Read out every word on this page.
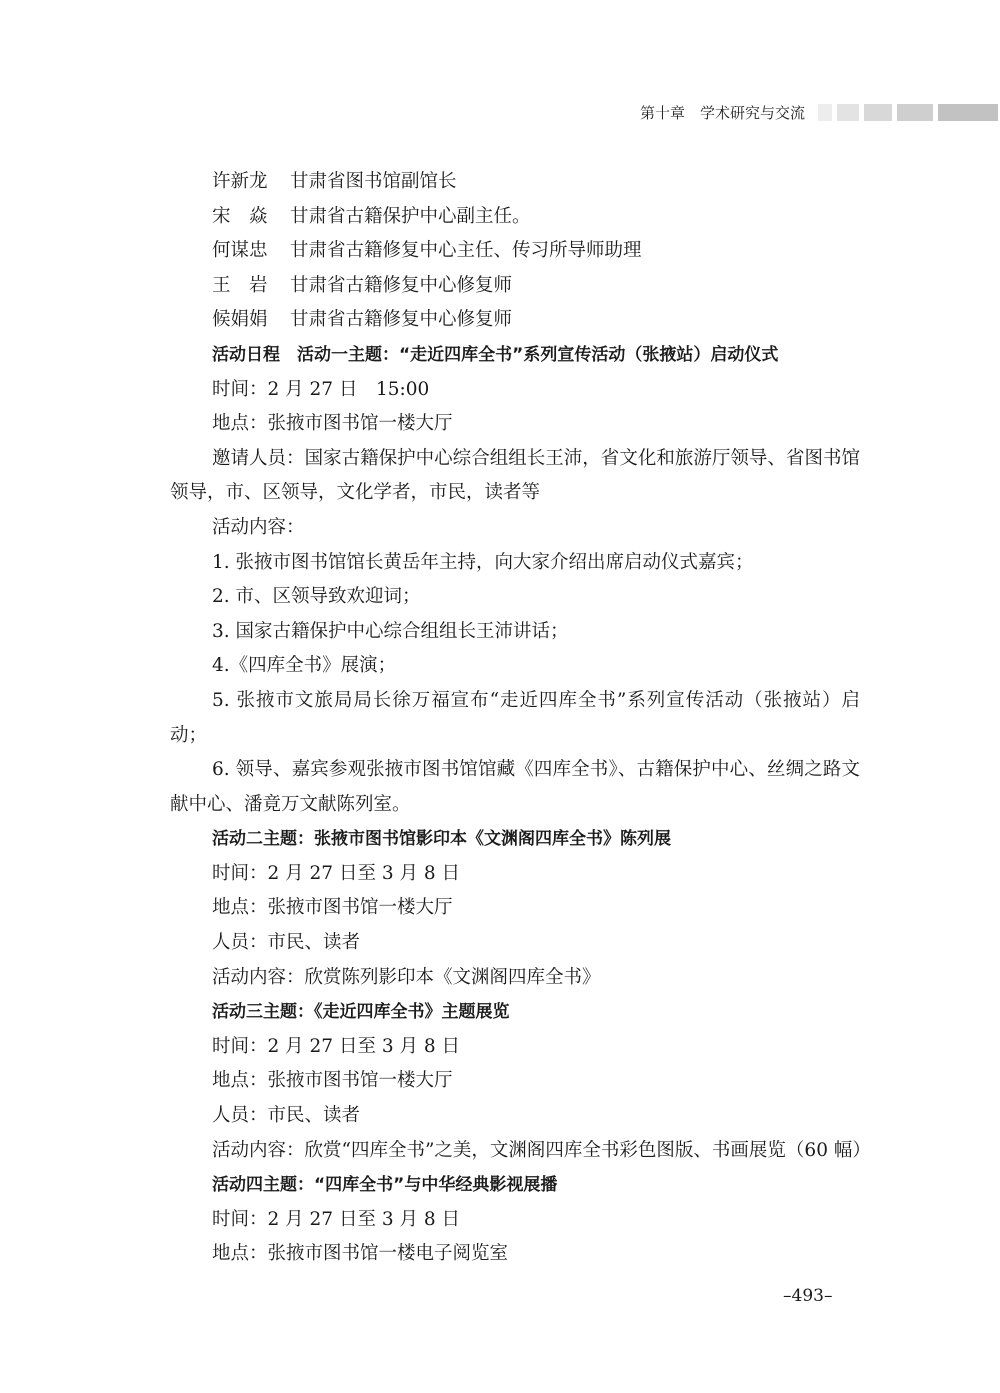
第十章　 学术研究与交流

许新龙 甘肃省图书馆副馆长

宋　焱 甘肃省古籍保护中心副主任。

何谋忠 甘肃省古籍修复中心主任、传习所导师助理

王　岩 甘肃省古籍修复中心修复师

候娟娟 甘肃省古籍修复中心修复师

活动日程　活动一主题：“走近四库全书”系列宣传活动（张掖站）启动仪式

时间：2 月 27 日　15:00

地点：张掖市图书馆一楼大厅

邀请人员：国家古籍保护中心综合组组长王沛，省文化和旅游厅领导、省图书馆领导，市、区领导，文化学者，市民，读者等

活动内容：

1. 张掖市图书馆馆长黄岳年主持，向大家介绍出席启动仪式嘉宾；

2. 市、区领导致欢迎词；

3. 国家古籍保护中心综合组组长王沛讲话；

4.《四库全书》展演；

5. 张掖市文旅局局长徐万福宣布“走近四库全书”系列宣传活动（张掖站）启动；

6. 领导、嘉宾参观张掖市图书馆馆藏《四库全书》、古籍保护中心、丝绸之路文献中心、潘竟万文献陈列室。

活动二主题：张掖市图书馆影印本《文渊阁四库全书》陈列展

时间：2 月 27 日至 3 月 8 日

地点：张掖市图书馆一楼大厅

人员：市民、读者

活动内容：欣赏陈列影印本《文渊阁四库全书》

活动三主题：《走近四库全书》主题展览

时间：2 月 27 日至 3 月 8 日

地点：张掖市图书馆一楼大厅

人员：市民、读者

活动内容：欣赏“四库全书”之美，文渊阁四库全书彩色图版、书画展览（60 幅）

活动四主题：“四库全书”与中华经典影视展播

时间：2 月 27 日至 3 月 8 日

地点：张掖市图书馆一楼电子阅览室

–493–
